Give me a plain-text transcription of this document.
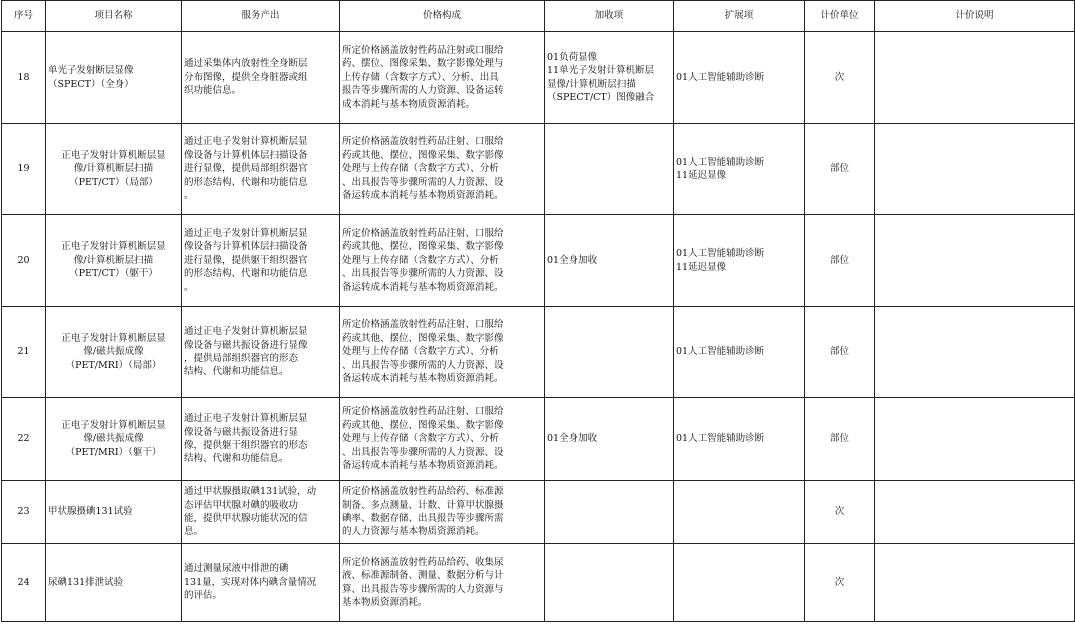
序号	项目名称	服务产出	价格构成	加收项	扩展项	计价单位	计价说明
18	单光子发射断层显像
（SPECT）（全身）	通过采集体内放射性全身断层
分布图像，提供全身脏器或组
织功能信息。	所定价格涵盖放射性药品注射或口服给
药、摆位、图像采集、数字影像处理与
上传存储（含数字方式）、分析、出具
报告等步骤所需的人力资源、设备运转
成本消耗与基本物质资源消耗。	01负荷显像
11单光子发射计算机断层
显像/计算机断层扫描
（SPECT/CT）图像融合	01人工智能辅助诊断	次	
19	正电子发射计算机断层显
像/计算机断层扫描
（PET/CT）（局部）	通过正电子发射计算机断层显
像设备与计算机体层扫描设备
进行显像，提供局部组织器官
的形态结构、代谢和功能信息
。	所定价格涵盖放射性药品注射、口服给
药或其他、摆位、图像采集、数字影像
处理与上传存储（含数字方式）、分析
、出具报告等步骤所需的人力资源、设
备运转成本消耗与基本物质资源消耗。		01人工智能辅助诊断
11延迟显像	部位	
20	正电子发射计算机断层显
像/计算机断层扫描
（PET/CT）（躯干）	通过正电子发射计算机断层显
像设备与计算机体层扫描设备
进行显像，提供躯干组织器官
的形态结构、代谢和功能信息
。	所定价格涵盖放射性药品注射、口服给
药或其他、摆位、图像采集、数字影像
处理与上传存储（含数字方式）、分析
、出具报告等步骤所需的人力资源、设
备运转成本消耗与基本物质资源消耗。	01全身加收	01人工智能辅助诊断
11延迟显像	部位	
21	正电子发射计算机断层显
像/磁共振成像
（PET/MRI）（局部）	通过正电子发射计算机断层显
像设备与磁共振设备进行显像
，提供局部组织器官的形态
结构、代谢和功能信息。	所定价格涵盖放射性药品注射、口服给
药或其他、摆位、图像采集、数字影像
处理与上传存储（含数字方式）、分析
、出具报告等步骤所需的人力资源、设
备运转成本消耗与基本物质资源消耗。		01人工智能辅助诊断	部位	
22	正电子发射计算机断层显
像/磁共振成像
（PET/MRI）（躯干）	通过正电子发射计算机断层显
像设备与磁共振设备进行显
像，提供躯干组织器官的形态
结构、代谢和功能信息。	所定价格涵盖放射性药品注射、口服给
药或其他、摆位、图像采集、数字影像
处理与上传存储（含数字方式）、分析
、出具报告等步骤所需的人力资源、设
备运转成本消耗与基本物质资源消耗。	01全身加收	01人工智能辅助诊断	部位	
23	甲状腺摄碘131试验	通过甲状腺摄取碘131试验，动
态评估甲状腺对碘的吸收功
能，提供甲状腺功能状况的信
息。	所定价格涵盖放射性药品给药、标准源
制备、多点测量、计数、计算甲状腺摄
碘率、数据存储、出具报告等步骤所需
的人力资源与基本物质资源消耗。			次	
24	尿碘131排泄试验	通过测量尿液中排泄的碘
131量，实现对体内碘含量情况
的评估。	所定价格涵盖放射性药品给药、收集尿
液、标准源制备、测量、数据分析与计
算、出具报告等步骤所需的人力资源与
基本物质资源消耗。			次	
